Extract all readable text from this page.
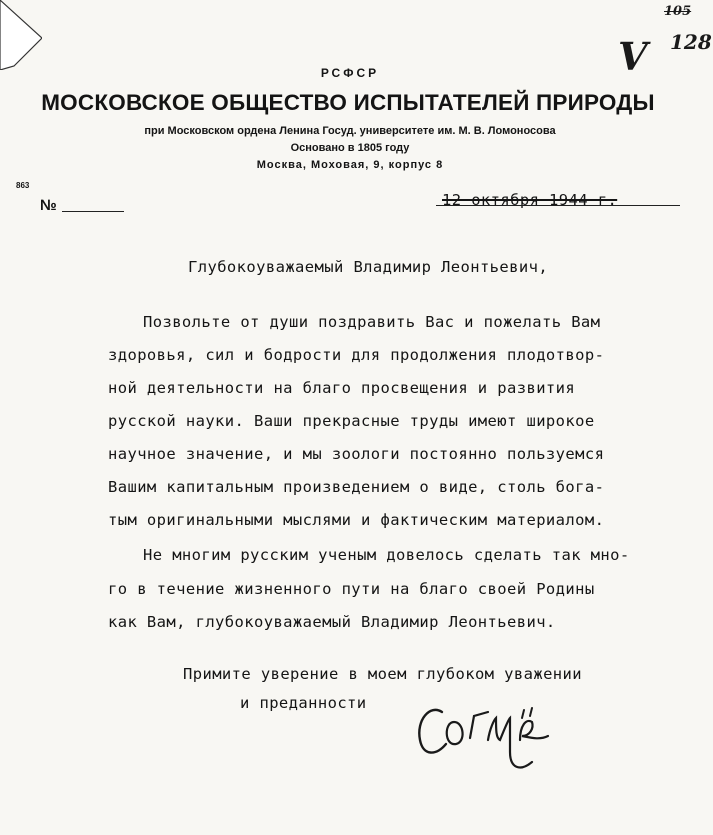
105
V 128
РСФСР
МОСКОВСКОЕ ОБЩЕСТВО ИСПЫТАТЕЛЕЙ ПРИРОДЫ
при Московском ордена Ленина Госуд. университете им. М. В. Ломоносова
Основано в 1805 году
Москва, Моховая, 9, корпус 8
863
№	12 октября 1944 г.
Глубокоуважаемый Владимир Леонтьевич,
Позвольте от души поздравить Вас и пожелать Вам
здоровья, сил и бодрости для продолжения плодотвор-
ной деятельности на благо просвещения и развития
русской науки. Ваши прекрасные труды имеют широкое
научное значение, и мы зоологи постоянно пользуемся
Вашим капитальным произведением о виде, столь бога-
тым оригинальными мыслями и фактическим материалом.
Не многим русским ученым довелось сделать так мно-
го в течение жизненного пути на благо своей Родины
как Вам, глубокоуважаемый Владимир Леонтьевич.
Примите уверение в моем глубоком уважении
и преданности
